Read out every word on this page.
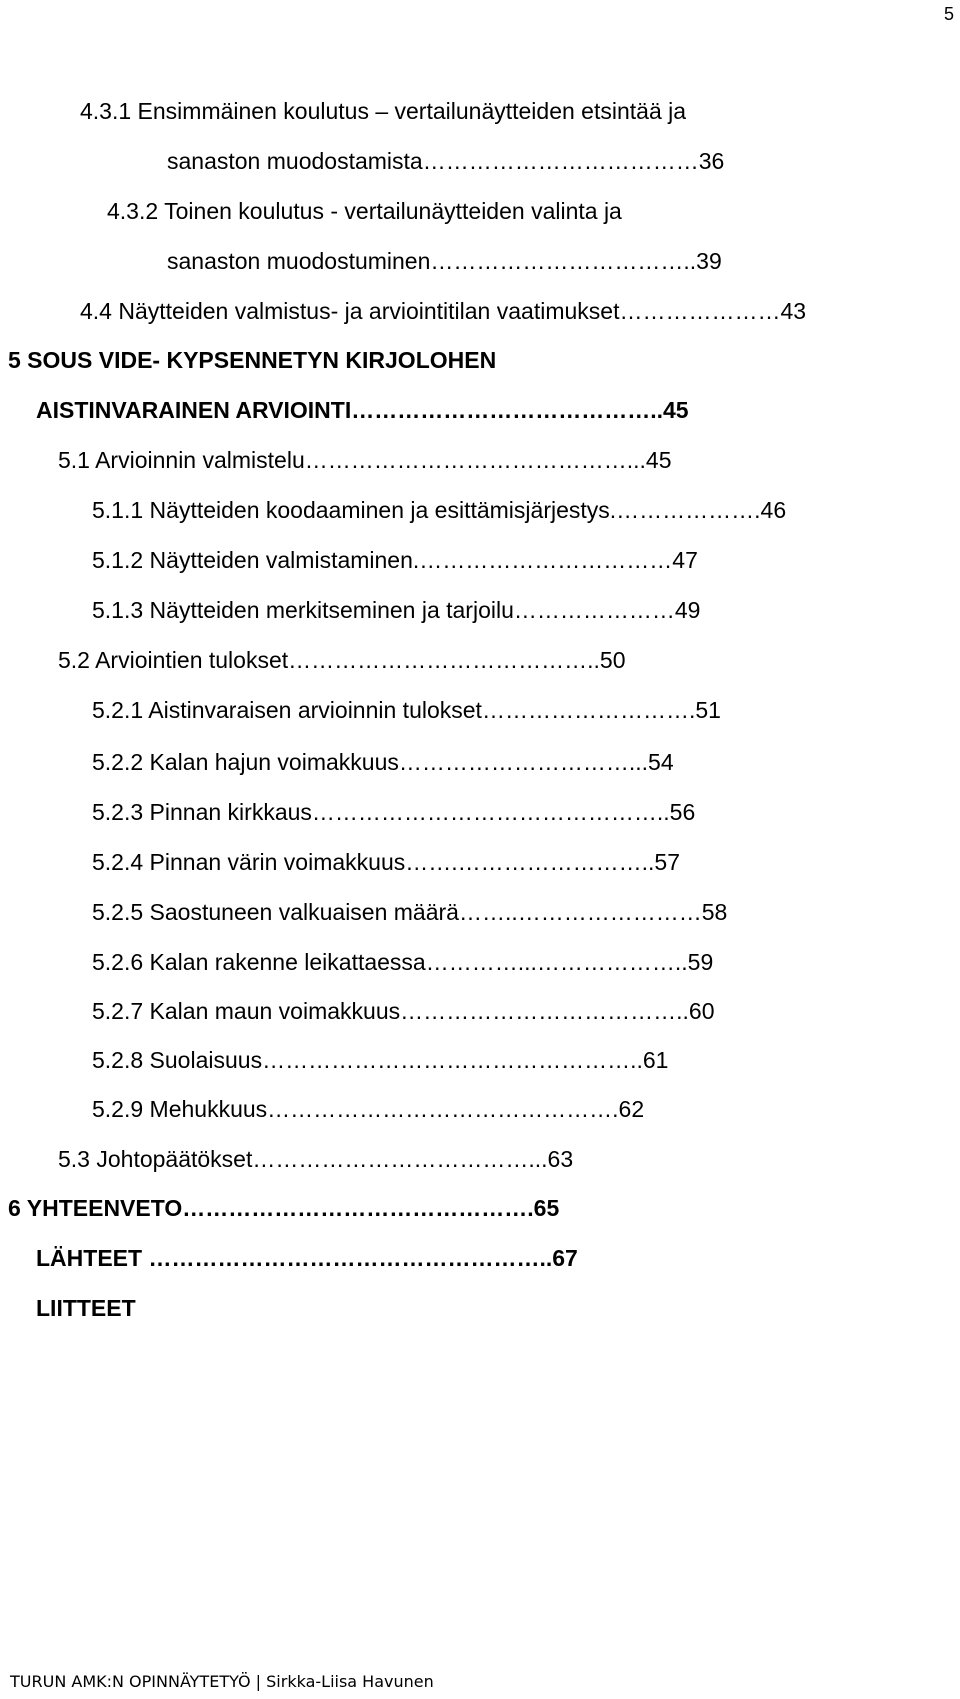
5
4.3.1 Ensimmäinen koulutus – vertailunäytteiden etsintää ja
sanaston muodostamista………………………………36
4.3.2 Toinen koulutus - vertailunäytteiden valinta ja
sanaston muodostuminen……………………………..39
4.4 Näytteiden valmistus- ja arviointitilan vaatimukset…………………43
5 SOUS VIDE- KYPSENNETYN KIRJOLOHEN
AISTINVARAINEN ARVIOINTI…………………………………..45
5.1 Arvioinnin valmistelu……………………………………...45
5.1.1 Näytteiden koodaaminen ja esittämisjärjestys.……………….46
5.1.2 Näytteiden valmistaminen.……………………………47
5.1.3 Näytteiden merkitseminen ja tarjoilu…………………49
5.2 Arviointien tulokset…………………………………..50
5.2.1 Aistinvaraisen arvioinnin tulokset……………………….51
5.2.2 Kalan hajun voimakkuus…………………………...54
5.2.3 Pinnan kirkkaus………………………………………..56
5.2.4 Pinnan värin voimakkuus…….……………………..57
5.2.5 Saostuneen valkuaisen määrä……..……………………58
5.2.6 Kalan rakenne leikattaessa…………...………………..59
5.2.7 Kalan maun voimakkuus………………………………..60
5.2.8 Suolaisuus…………………………………………..61
5.2.9 Mehukkuus……………………………………….62
5.3 Johtopäätökset………………………………...63
6 YHTEENVETO……………………………………….65
LÄHTEET ……………………………………………..67
LIITTEET
TURUN AMK:N OPINNÄYTETYÖ | Sirkka-Liisa Havunen
